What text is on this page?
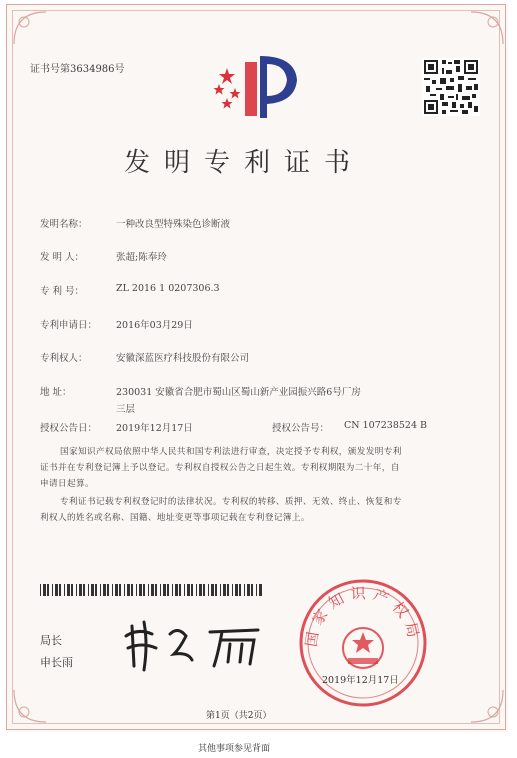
证书号第3634986号
发明专利证书
发明名称：	一种改良型特殊染色诊断液
发 明 人：	张超;陈奉玲
专 利 号：	ZL 2016 1 0207306.3
专利申请日： 2016年03月29日
专利权人：	安徽深蓝医疗科技股份有限公司
地 址：	230031 安徽省合肥市蜀山区蜀山新产业园振兴路6号厂房
三层
授权公告日： 2019年12月17日	授权公告号： CN 107238524 B
国家知识产权局依照中华人民共和国专利法进行审查，决定授予专利权，颁发发明专利
证书并在专利登记簿上予以登记。专利权自授权公告之日起生效。专利权期限为二十年，自
申请日起算。
专利证书记载专利权登记时的法律状况。专利权的转移、质押、无效、终止、恢复和专
利权人的姓名或名称、国籍、地址变更等事项记载在专利登记簿上。
局长
申长雨
国家知识产权局
2019年12月17日
第1页（共2页）
其他事项参见背面
